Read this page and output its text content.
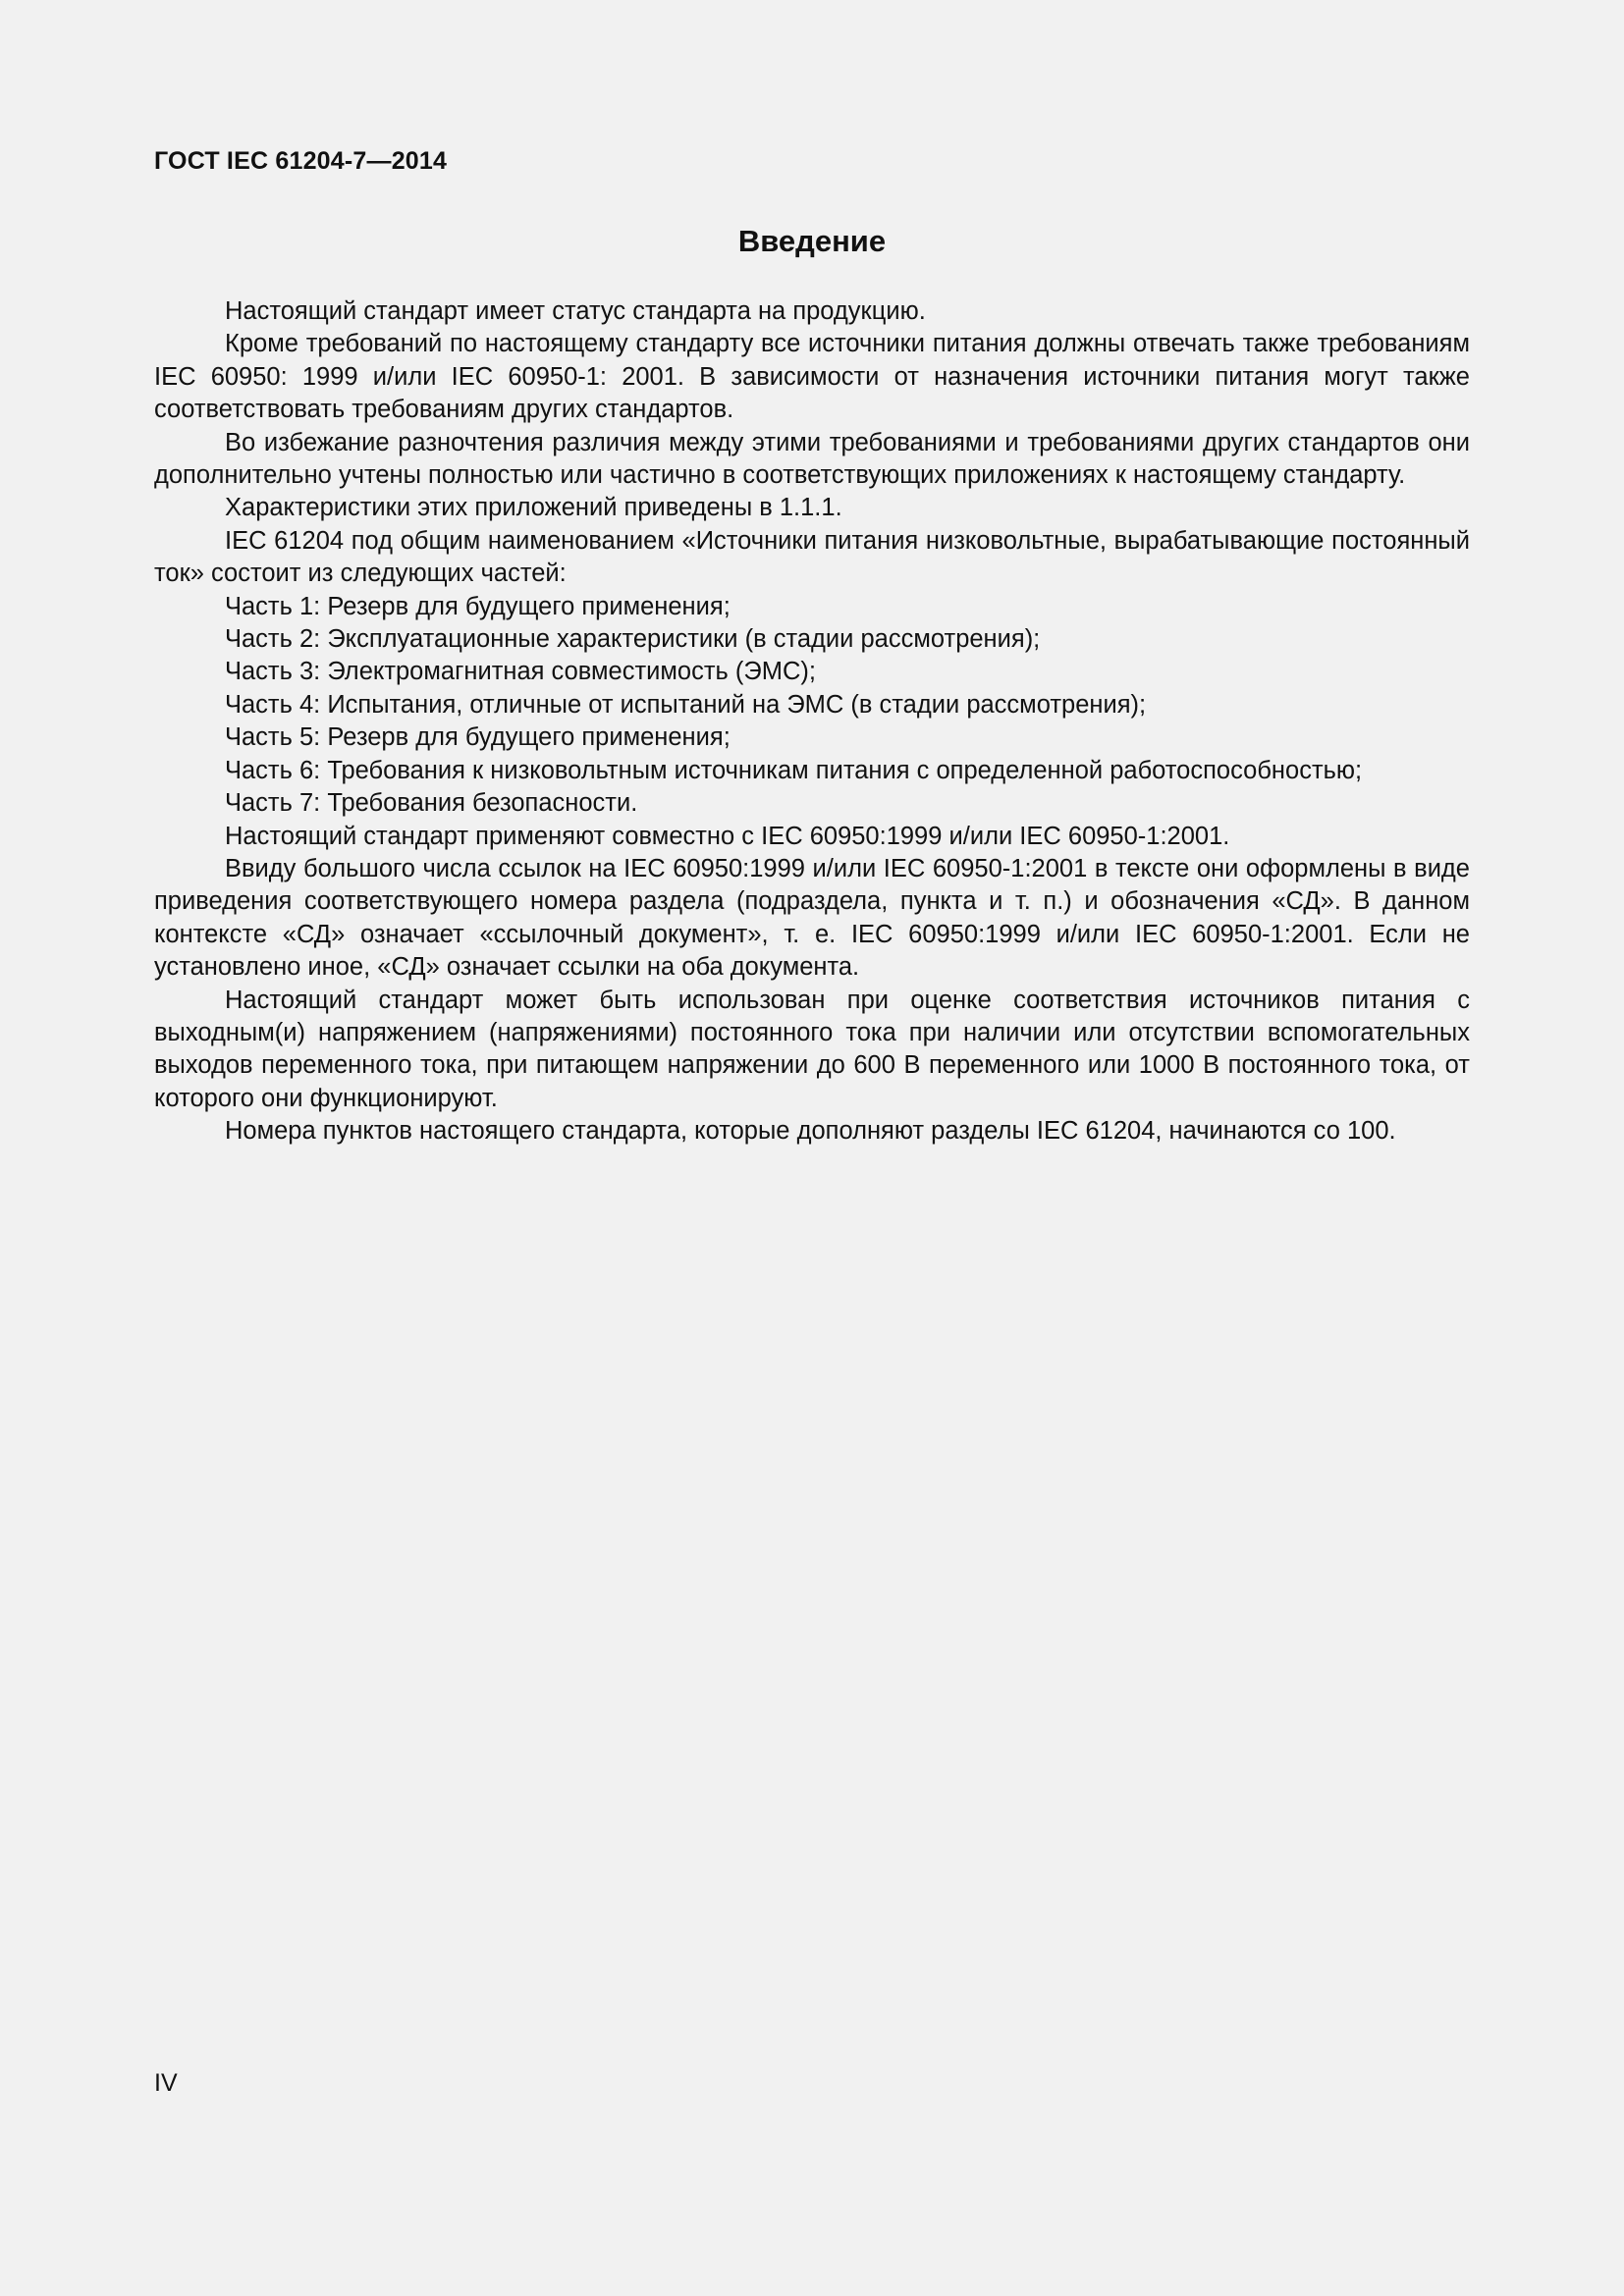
ГОСТ IEC 61204-7—2014
Введение

Настоящий стандарт имеет статус стандарта на продукцию.

Кроме требований по настоящему стандарту все источники питания должны отвечать также требованиям IEC 60950: 1999 и/или IEC 60950-1: 2001. В зависимости от назначения источники питания могут также соответствовать требованиям других стандартов.

Во избежание разночтения различия между этими требованиями и требованиями других стандартов они дополнительно учтены полностью или частично в соответствующих приложениях к настоящему стандарту.

Характеристики этих приложений приведены в 1.1.1.

IEC 61204 под общим наименованием «Источники питания низковольтные, вырабатывающие постоянный ток» состоит из следующих частей:

Часть 1: Резерв для будущего применения;

Часть 2: Эксплуатационные характеристики (в стадии рассмотрения);

Часть 3: Электромагнитная совместимость (ЭМС);

Часть 4: Испытания, отличные от испытаний на ЭМС (в стадии рассмотрения);

Часть 5: Резерв для будущего применения;

Часть 6: Требования к низковольтным источникам питания с определенной работоспособностью;

Часть 7: Требования безопасности.

Настоящий стандарт применяют совместно с IEC 60950:1999 и/или IEC 60950-1:2001.

Ввиду большого числа ссылок на IEC 60950:1999 и/или IEC 60950-1:2001 в тексте они оформлены в виде приведения соответствующего номера раздела (подраздела, пункта и т. п.) и обозначения «СД». В данном контексте «СД» означает «ссылочный документ», т. е. IEC 60950:1999 и/или IEC 60950-1:2001. Если не установлено иное, «СД» означает ссылки на оба документа.

Настоящий стандарт может быть использован при оценке соответствия источников питания с выходным(и) напряжением (напряжениями) постоянного тока при наличии или отсутствии вспомогательных выходов переменного тока, при питающем напряжении до 600 В переменного или 1000 В постоянного тока, от которого они функционируют.

Номера пунктов настоящего стандарта, которые дополняют разделы IEC 61204, начинаются со 100.

IV
